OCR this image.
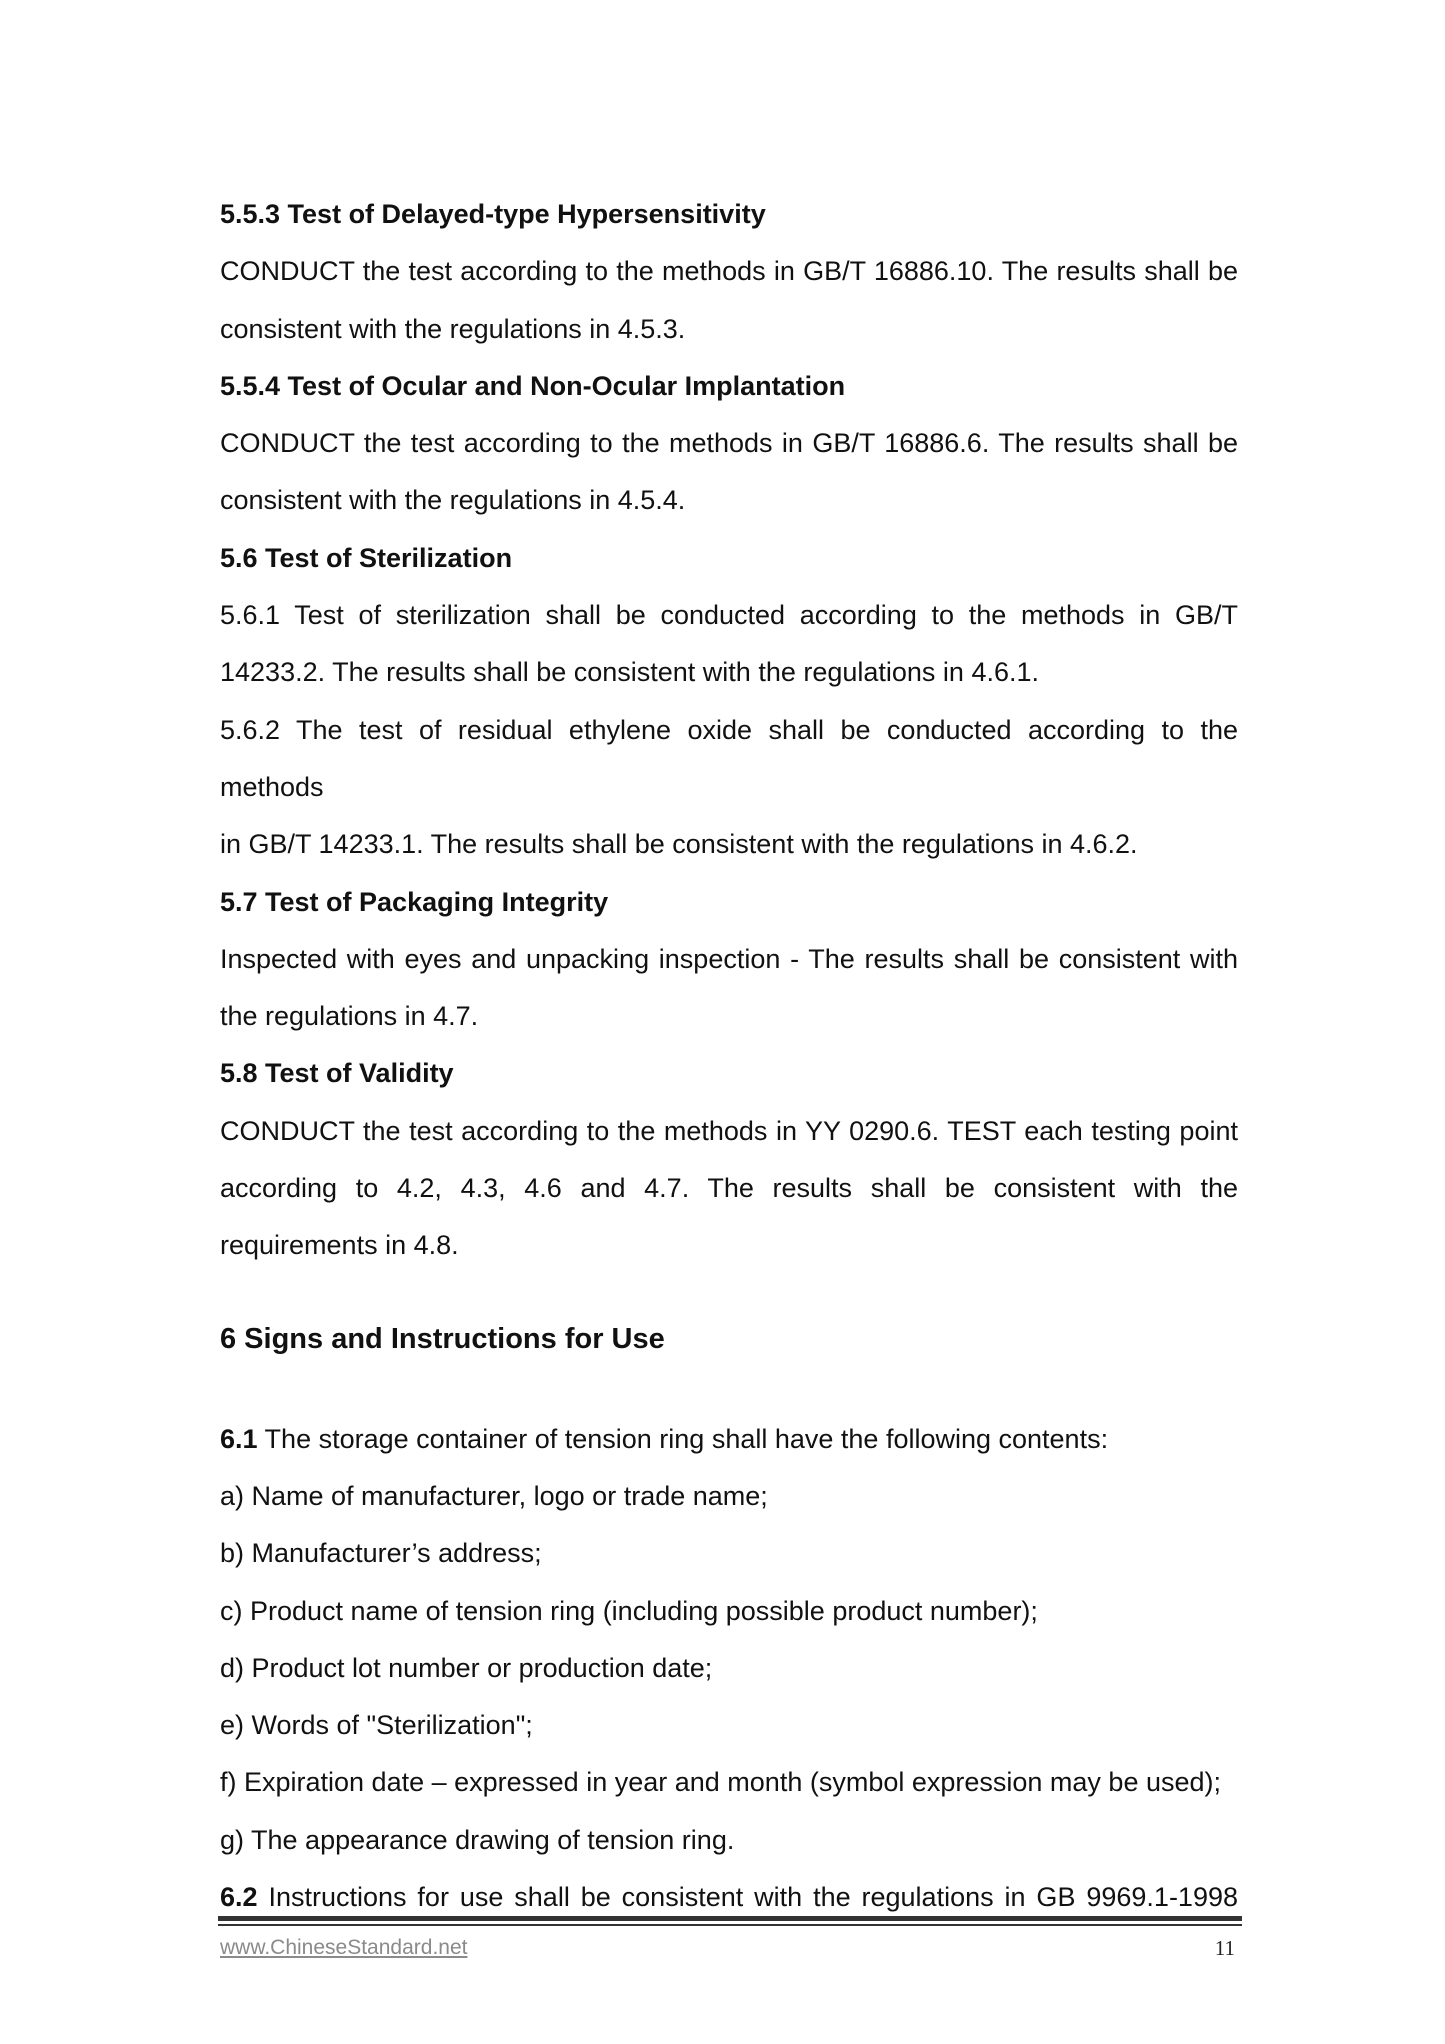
5.5.3 Test of Delayed-type Hypersensitivity

CONDUCT the test according to the methods in GB/T 16886.10. The results shall be

consistent with the regulations in 4.5.3.

5.5.4 Test of Ocular and Non-Ocular Implantation

CONDUCT the test according to the methods in GB/T 16886.6. The results shall be

consistent with the regulations in 4.5.4.

5.6 Test of Sterilization

5.6.1 Test of sterilization shall be conducted according to the methods in GB/T

14233.2. The results shall be consistent with the regulations in 4.6.1.

5.6.2 The test of residual ethylene oxide shall be conducted according to the methods

in GB/T 14233.1. The results shall be consistent with the regulations in 4.6.2.

5.7 Test of Packaging Integrity

Inspected with eyes and unpacking inspection - The results shall be consistent with

the regulations in 4.7.

5.8 Test of Validity

CONDUCT the test according to the methods in YY 0290.6. TEST each testing point

according to 4.2, 4.3, 4.6 and 4.7. The results shall be consistent with the

requirements in 4.8.

6 Signs and Instructions for Use

6.1 The storage container of tension ring shall have the following contents:

a) Name of manufacturer, logo or trade name;

b) Manufacturer’s address;

c) Product name of tension ring (including possible product number);

d) Product lot number or production date;

e) Words of "Sterilization";

f) Expiration date – expressed in year and month (symbol expression may be used);

g) The appearance drawing of tension ring.

6.2 Instructions for use shall be consistent with the regulations in GB 9969.1-1998

www.ChineseStandard.net	11
